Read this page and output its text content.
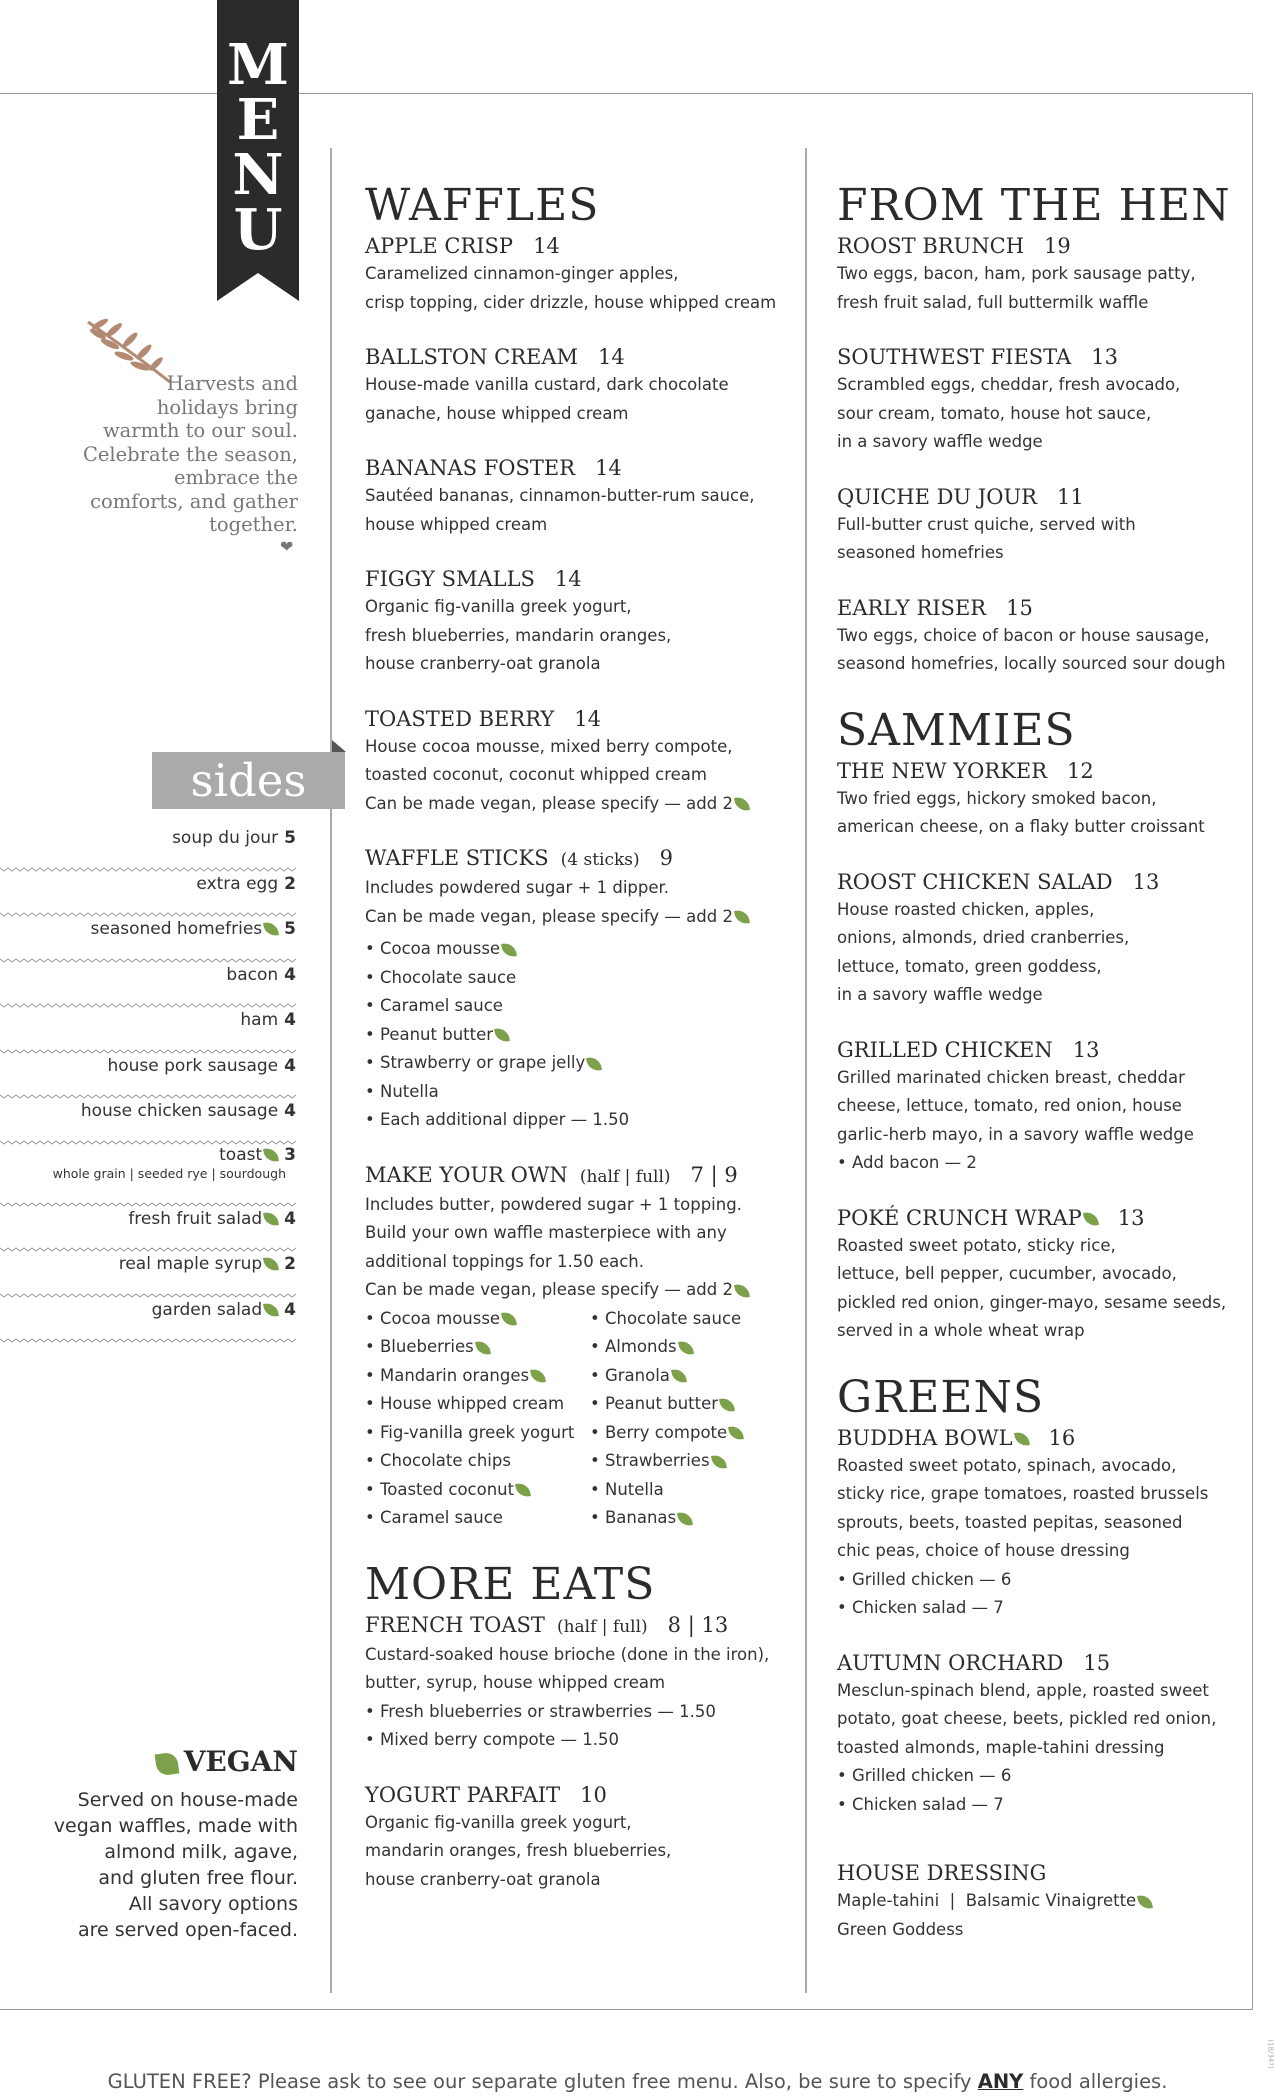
M
E
N
U
Harvests and holidays bring warmth to our soul. Celebrate the season, embrace the comforts, and gather together.
❤
sides
soup du jour 5
extra egg 2
seasoned homefries 5
bacon 4
ham 4
house pork sausage 4
house chicken sausage 4
toast 3
whole grain | seeded rye | sourdough
fresh fruit salad 4
real maple syrup 2
garden salad 4
VEGAN
Served on house-made
vegan waffles, made with
almond milk, agave,
and gluten free flour.
All savory options
are served open-faced.
WAFFLES
APPLE CRISP 14
Caramelized cinnamon-ginger apples,
crisp topping, cider drizzle, house whipped cream
BALLSTON CREAM 14
House-made vanilla custard, dark chocolate
ganache, house whipped cream
BANANAS FOSTER 14
Sautéed bananas, cinnamon-butter-rum sauce,
house whipped cream
FIGGY SMALLS 14
Organic fig-vanilla greek yogurt,
fresh blueberries, mandarin oranges,
house cranberry-oat granola
TOASTED BERRY 14
House cocoa mousse, mixed berry compote,
toasted coconut, coconut whipped cream
Can be made vegan, please specify — add 2
WAFFLE STICKS (4 sticks) 9
Includes powdered sugar + 1 dipper.
Can be made vegan, please specify — add 2
• Cocoa mousse
• Chocolate sauce
• Caramel sauce
• Peanut butter
• Strawberry or grape jelly
• Nutella
• Each additional dipper — 1.50
MAKE YOUR OWN (half | full) 7 | 9
Includes butter, powdered sugar + 1 topping.
Build your own waffle masterpiece with any
additional toppings for 1.50 each.
Can be made vegan, please specify — add 2
• Cocoa mousse
• Blueberries
• Mandarin oranges
• House whipped cream
• Fig-vanilla greek yogurt
• Chocolate chips
• Toasted coconut
• Caramel sauce
• Chocolate sauce
• Almonds
• Granola
• Peanut butter
• Berry compote
• Strawberries
• Nutella
• Bananas
MORE EATS
FRENCH TOAST (half | full) 8 | 13
Custard-soaked house brioche (done in the iron),
butter, syrup, house whipped cream
• Fresh blueberries or strawberries — 1.50
• Mixed berry compote — 1.50
YOGURT PARFAIT 10
Organic fig-vanilla greek yogurt,
mandarin oranges, fresh blueberries,
house cranberry-oat granola
FROM THE HEN
ROOST BRUNCH 19
Two eggs, bacon, ham, pork sausage patty,
fresh fruit salad, full buttermilk waffle
SOUTHWEST FIESTA 13
Scrambled eggs, cheddar, fresh avocado,
sour cream, tomato, house hot sauce,
in a savory waffle wedge
QUICHE DU JOUR 11
Full-butter crust quiche, served with
seasoned homefries
EARLY RISER 15
Two eggs, choice of bacon or house sausage,
seasond homefries, locally sourced sour dough
SAMMIES
THE NEW YORKER 12
Two fried eggs, hickory smoked bacon,
american cheese, on a flaky butter croissant
ROOST CHICKEN SALAD 13
House roasted chicken, apples,
onions, almonds, dried cranberries,
lettuce, tomato, green goddess,
in a savory waffle wedge
GRILLED CHICKEN 13
Grilled marinated chicken breast, cheddar
cheese, lettuce, tomato, red onion, house
garlic-herb mayo, in a savory waffle wedge
• Add bacon — 2
POKÉ CRUNCH WRAP 13
Roasted sweet potato, sticky rice,
lettuce, bell pepper, cucumber, avocado,
pickled red onion, ginger-mayo, sesame seeds,
served in a whole wheat wrap
GREENS
BUDDHA BOWL 16
Roasted sweet potato, spinach, avocado,
sticky rice, grape tomatoes, roasted brussels
sprouts, beets, toasted pepitas, seasoned
chic peas, choice of house dressing
• Grilled chicken — 6
• Chicken salad — 7
AUTUMN ORCHARD 15
Mesclun-spinach blend, apple, roasted sweet
potato, goat cheese, beets, pickled red onion,
toasted almonds, maple-tahini dressing
• Grilled chicken — 6
• Chicken salad — 7
HOUSE DRESSING
Maple-tahini  |  Balsamic Vinaigrette
Green Goddess
GLUTEN FREE? Please ask to see our separate gluten free menu. Also, be sure to specify ANY food allergies.
(18/34?)
